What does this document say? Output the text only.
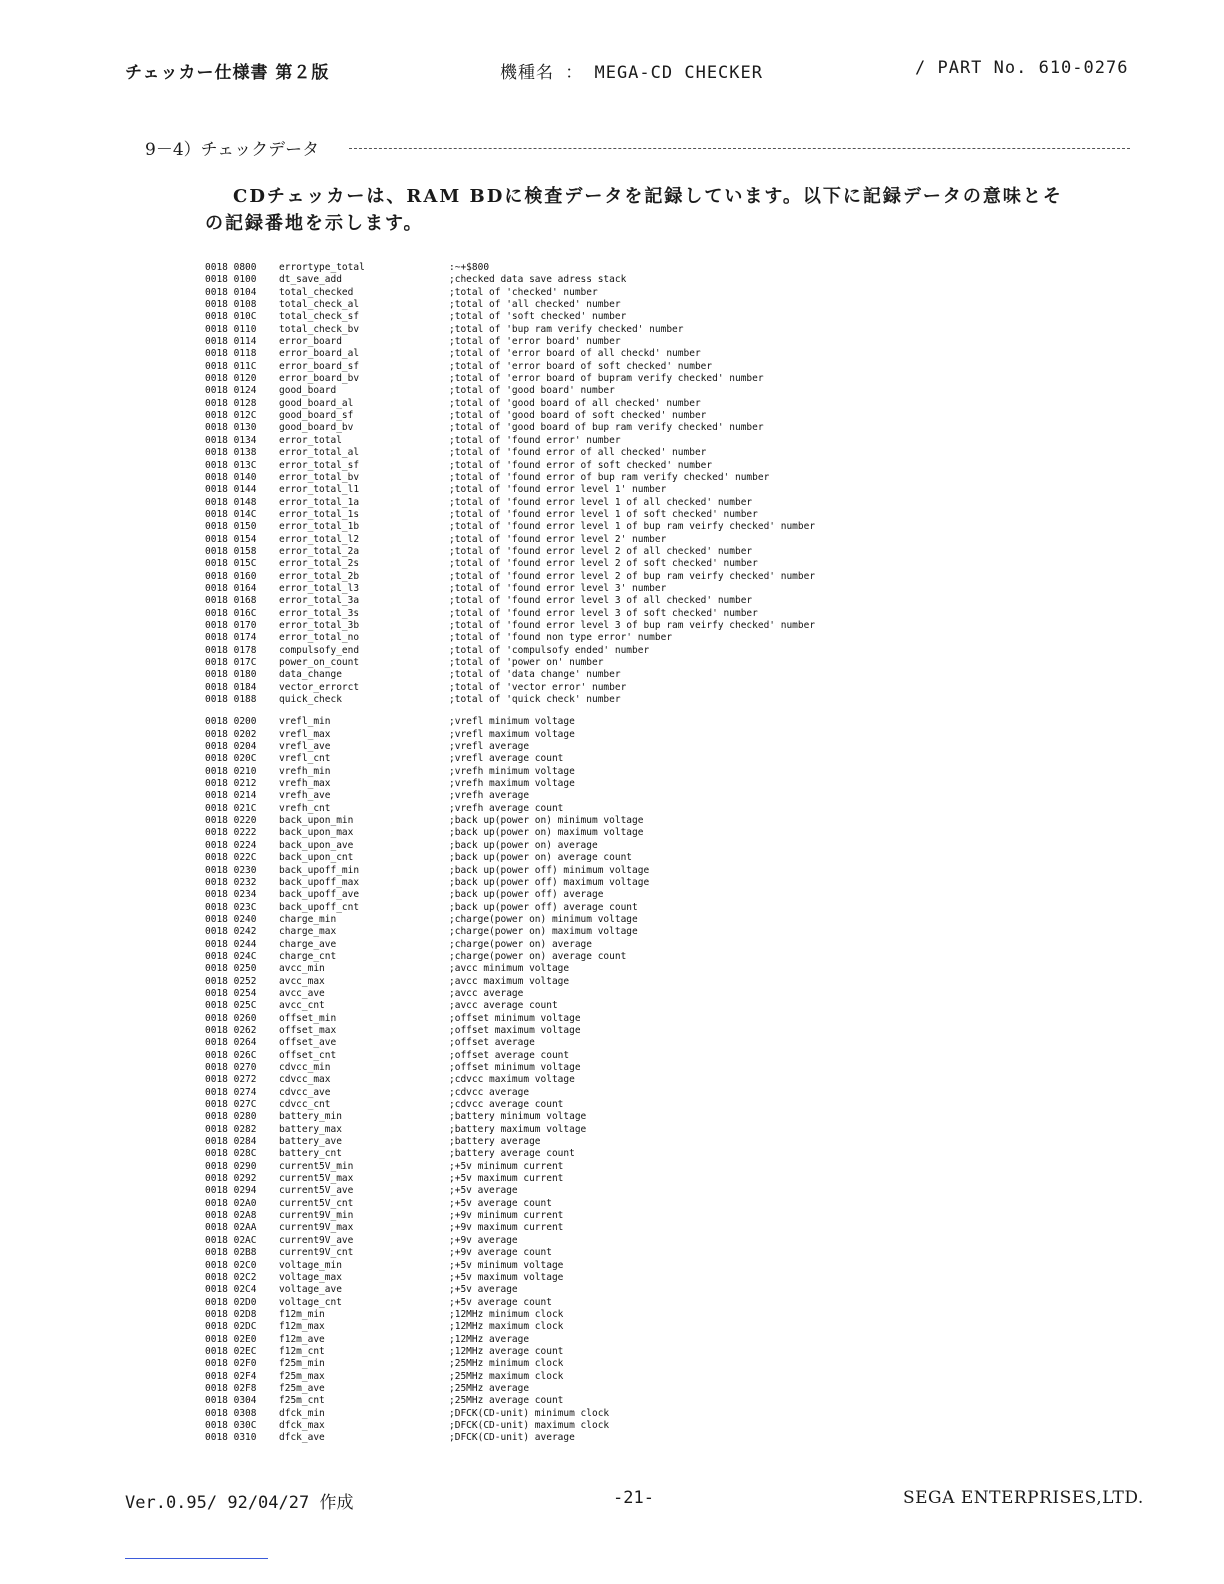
チェッカー仕様書 第２版	機種名 ： MEGA-CD CHECKER	/ PART No. 610-0276
9－4）チェックデータ

CDチェッカーは、RAM BDに検査データを記録しています。以下に記録データの意味とそ

の記録番地を示します。

0018 0800	errortype_total	:~+$800
0018 0100	dt_save_add	;checked data save adress stack
0018 0104	total_checked	;total of 'checked' number
0018 0108	total_check_al	;total of 'all checked' number
0018 010C	total_check_sf	;total of 'soft checked' number
0018 0110	total_check_bv	;total of 'bup ram verify checked' number
0018 0114	error_board	;total of 'error board' number
0018 0118	error_board_al	;total of 'error board of all checkd' number
0018 011C	error_board_sf	;total of 'error board of soft checked' number
0018 0120	error_board_bv	;total of 'error board of bupram verify checked' number
0018 0124	good_board	;total of 'good board' number
0018 0128	good_board_al	;total of 'good board of all checked' number
0018 012C	good_board_sf	;total of 'good board of soft checked' number
0018 0130	good_board_bv	;total of 'good board of bup ram verify checked' number
0018 0134	error_total	;total of 'found error' number
0018 0138	error_total_al	;total of 'found error of all checked' number
0018 013C	error_total_sf	;total of 'found error of soft checked' number
0018 0140	error_total_bv	;total of 'found error of bup ram verify checked' number
0018 0144	error_total_l1	;total of 'found error level 1' number
0018 0148	error_total_1a	;total of 'found error level 1 of all checked' number
0018 014C	error_total_1s	;total of 'found error level 1 of soft checked' number
0018 0150	error_total_1b	;total of 'found error level 1 of bup ram veirfy checked' number
0018 0154	error_total_l2	;total of 'found error level 2' number
0018 0158	error_total_2a	;total of 'found error level 2 of all checked' number
0018 015C	error_total_2s	;total of 'found error level 2 of soft checked' number
0018 0160	error_total_2b	;total of 'found error level 2 of bup ram veirfy checked' number
0018 0164	error_total_l3	;total of 'found error level 3' number
0018 0168	error_total_3a	;total of 'found error level 3 of all checked' number
0018 016C	error_total_3s	;total of 'found error level 3 of soft checked' number
0018 0170	error_total_3b	;total of 'found error level 3 of bup ram veirfy checked' number
0018 0174	error_total_no	;total of 'found non type error' number
0018 0178	compulsofy_end	;total of 'compulsofy ended' number
0018 017C	power_on_count	;total of 'power on' number
0018 0180	data_change	;total of 'data change' number
0018 0184	vector_errorct	;total of 'vector error' number
0018 0188	quick_check	;total of 'quick check' number
0018 0200	vrefl_min	;vrefl minimum voltage
0018 0202	vrefl_max	;vrefl maximum voltage
0018 0204	vrefl_ave	;vrefl average
0018 020C	vrefl_cnt	;vrefl average count
0018 0210	vrefh_min	;vrefh minimum voltage
0018 0212	vrefh_max	;vrefh maximum voltage
0018 0214	vrefh_ave	;vrefh average
0018 021C	vrefh_cnt	;vrefh average count
0018 0220	back_upon_min	;back up(power on) minimum voltage
0018 0222	back_upon_max	;back up(power on) maximum voltage
0018 0224	back_upon_ave	;back up(power on) average
0018 022C	back_upon_cnt	;back up(power on) average count
0018 0230	back_upoff_min	;back up(power off) minimum voltage
0018 0232	back_upoff_max	;back up(power off) maximum voltage
0018 0234	back_upoff_ave	;back up(power off) average
0018 023C	back_upoff_cnt	;back up(power off) average count
0018 0240	charge_min	;charge(power on) minimum voltage
0018 0242	charge_max	;charge(power on) maximum voltage
0018 0244	charge_ave	;charge(power on) average
0018 024C	charge_cnt	;charge(power on) average count
0018 0250	avcc_min	;avcc minimum voltage
0018 0252	avcc_max	;avcc maximum voltage
0018 0254	avcc_ave	;avcc average
0018 025C	avcc_cnt	;avcc average count
0018 0260	offset_min	;offset minimum voltage
0018 0262	offset_max	;offset maximum voltage
0018 0264	offset_ave	;offset average
0018 026C	offset_cnt	;offset average count
0018 0270	cdvcc_min	;offset minimum voltage
0018 0272	cdvcc_max	;cdvcc maximum voltage
0018 0274	cdvcc_ave	;cdvcc average
0018 027C	cdvcc_cnt	;cdvcc average count
0018 0280	battery_min	;battery minimum voltage
0018 0282	battery_max	;battery maximum voltage
0018 0284	battery_ave	;battery average
0018 028C	battery_cnt	;battery average count
0018 0290	current5V_min	;+5v minimum current
0018 0292	current5V_max	;+5v maximum current
0018 0294	current5V_ave	;+5v average
0018 02A0	current5V_cnt	;+5v average count
0018 02A8	current9V_min	;+9v minimum current
0018 02AA	current9V_max	;+9v maximum current
0018 02AC	current9V_ave	;+9v average
0018 02B8	current9V_cnt	;+9v average count
0018 02C0	voltage_min	;+5v minimum voltage
0018 02C2	voltage_max	;+5v maximum voltage
0018 02C4	voltage_ave	;+5v average
0018 02D0	voltage_cnt	;+5v average count
0018 02D8	f12m_min	;12MHz minimum clock
0018 02DC	f12m_max	;12MHz maximum clock
0018 02E0	f12m_ave	;12MHz average
0018 02EC	f12m_cnt	;12MHz average count
0018 02F0	f25m_min	;25MHz minimum clock
0018 02F4	f25m_max	;25MHz maximum clock
0018 02F8	f25m_ave	;25MHz average
0018 0304	f25m_cnt	;25MHz average count
0018 0308	dfck_min	;DFCK(CD-unit) minimum clock
0018 030C	dfck_max	;DFCK(CD-unit) maximum clock
0018 0310	dfck_ave	;DFCK(CD-unit) average
Ver.0.95/ 92/04/27 作成	-21-	SEGA ENTERPRISES,LTD.
